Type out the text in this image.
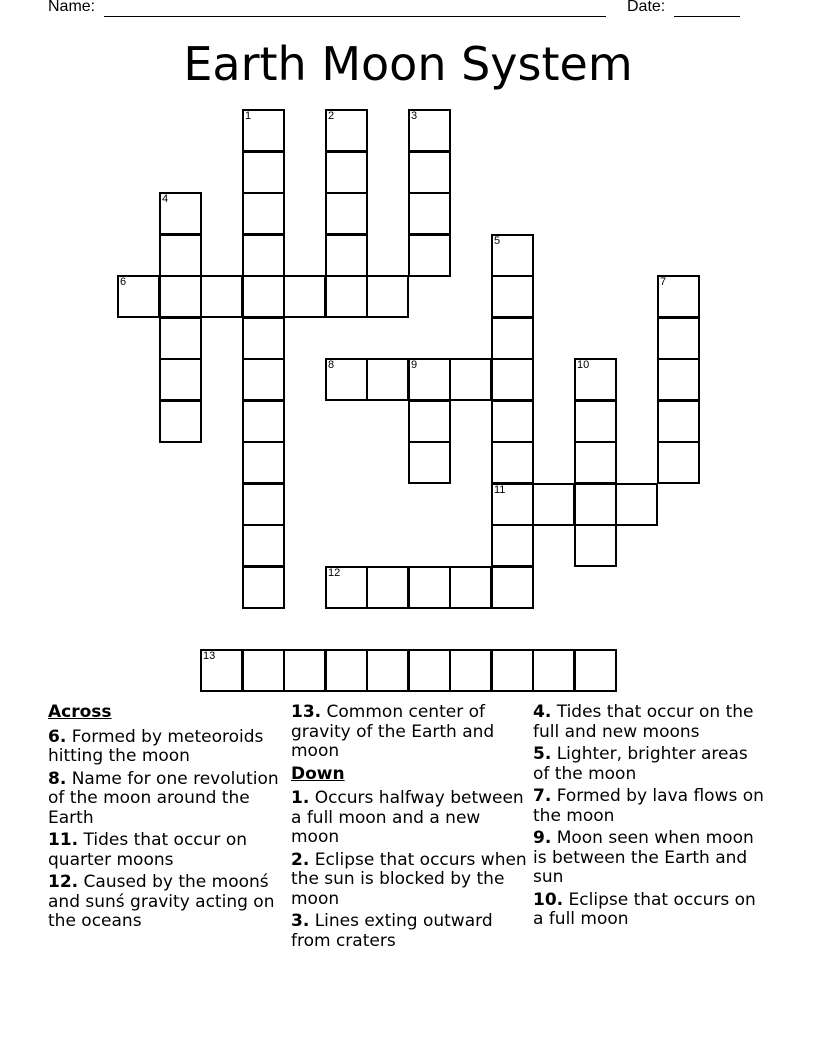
Name:	Date:
Earth Moon System
1	2	3
4
5
6	7
8	9	10
11
12
13
Across
6. Formed by meteoroids hitting the moon
8. Name for one revolution of the moon around the Earth
11. Tides that occur on quarter moons
12. Caused by the moonś and sunś gravity acting on the oceans
13. Common center of gravity of the Earth and moon
Down
1. Occurs halfway between a full moon and a new moon
2. Eclipse that occurs when the sun is blocked by the moon
3. Lines exting outward from craters
4. Tides that occur on the full and new moons
5. Lighter, brighter areas of the moon
7. Formed by lava flows on the moon
9. Moon seen when moon is between the Earth and sun
10. Eclipse that occurs on a full moon
